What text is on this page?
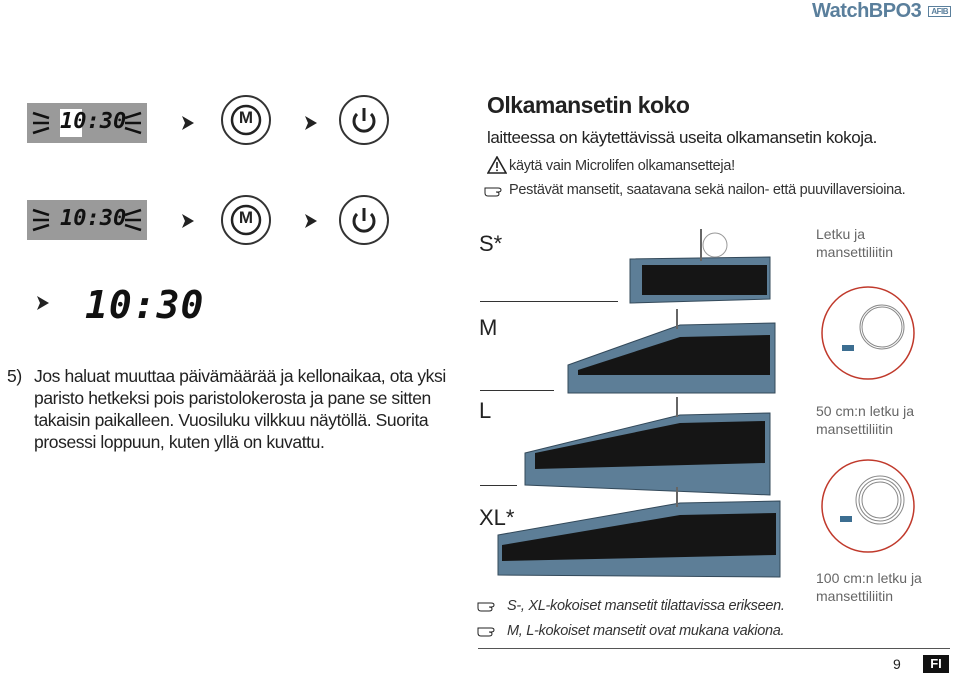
WatchBPO3 AFIB
10:30	M
10:30	M
10:30
5) Jos haluat muuttaa päivämäärää ja kellonaikaa, ota yksi
paristo hetkeksi pois paristolokerosta ja pane se sitten
takaisin paikalleen. Vuosiluku vilkkuu näytöllä. Suorita
prosessi loppuun, kuten yllä on kuvattu.
Olkamansetin koko
laitteessa on käytettävissä useita olkamansetin kokoja.
käytä vain Microlifen olkamansetteja!
Pestävät mansetit, saatavana sekä nailon- että puuvillaversioina.
S*
M
L
XL*
Letku ja
mansettiliitin
50 cm:n letku ja
mansettiliitin
100 cm:n letku ja
mansettiliitin
S-, XL-kokoiset mansetit tilattavissa erikseen.
M, L-kokoiset mansetit ovat mukana vakiona.
9	FI
